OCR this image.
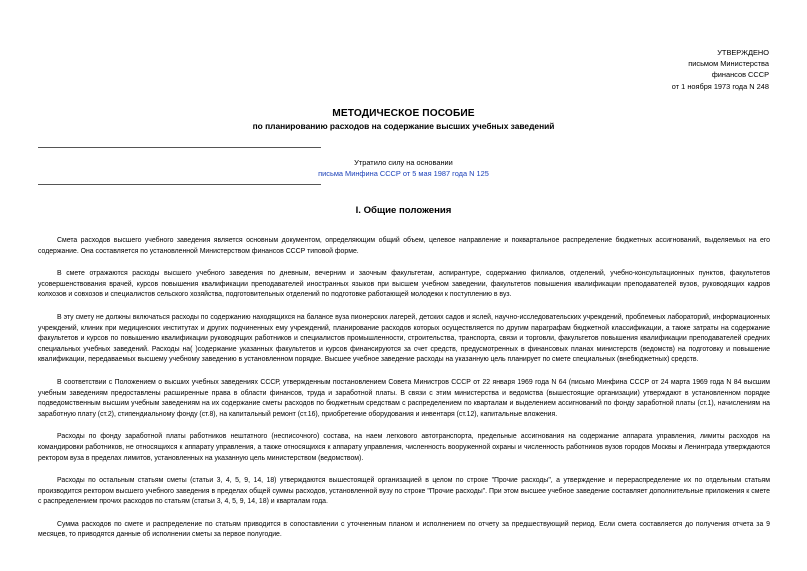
УТВЕРЖДЕНО
письмом Министерства
финансов СССР
от 1 ноября 1973 года N 248
МЕТОДИЧЕСКОЕ ПОСОБИЕ
по планированию расходов на содержание высших учебных заведений
Утратило силу на основании
письма Минфина СССР от 5 мая 1987 года N 125
I. Общие положения

Смета расходов высшего учебного заведения является основным документом, определяющим общий объем, целевое направление и поквартальное распределение бюджетных ассигнований, выделяемых на его содержание. Она составляется по установленной Министерством финансов СССР типовой форме.

В смете отражаются расходы высшего учебного заведения по дневным, вечерним и заочным факультетам, аспирантуре, содержанию филиалов, отделений, учебно-консультационных пунктов, факультетов усовершенствования врачей, курсов повышения квалификации преподавателей иностранных языков при высшем учебном заведении, факультетов повышения квалификации преподавателей вузов, руководящих кадров колхозов и совхозов и специалистов сельского хозяйства, подготовительных отделений по подготовке работающей молодежи к поступлению в вуз.

В эту смету не должны включаться расходы по содержанию находящихся на балансе вуза пионерских лагерей, детских садов и яслей, научно-исследовательских учреждений, проблемных лабораторий, информационных учреждений, клиник при медицинских институтах и других подчиненных ему учреждений, планирование расходов которых осуществляется по другим параграфам бюджетной классификации, а также затраты на содержание факультетов и курсов по повышению квалификации руководящих работников и специалистов промышленности, строительства, транспорта, связи и торговли, факультетов повышения квалификации преподавателей средних специальных учебных заведений. Расходы на( )содержание указанных факультетов и курсов финансируются за счет средств, предусмотренных в финансовых планах министерств (ведомств) на подготовку и повышение квалификации, передаваемых высшему учебному заведению в установленном порядке. Высшее учебное заведение расходы на указанную цель планирует по смете специальных (внебюджетных) средств.

В соответствии с Положением о высших учебных заведениях СССР, утвержденным постановлением Совета Министров СССР от 22 января 1969 года N 64 (письмо Минфина СССР от 24 марта 1969 года N 84 высшим учебным заведениям предоставлены расширенные права в области финансов, труда и заработной платы. В связи с этим министерства и ведомства (вышестоящие организации) утверждают в установленном порядке подведомственным высшим учебным заведениям на их содержание сметы расходов по бюджетным средствам с распределением по кварталам и выделением ассигнований по фонду заработной платы (ст.1), начислениям на заработную плату (ст.2), стипендиальному фонду (ст.8), на капитальный ремонт (ст.16), приобретение оборудования и инвентаря (ст.12), капитальные вложения.

Расходы по фонду заработной платы работников нештатного (несписочного) состава, на наем легкового автотранспорта, предельные ассигнования на содержание аппарата управления, лимиты расходов на командировки работников, не относящихся к аппарату управления, а также относящихся к аппарату управления, численность вооруженной охраны и численность работников вузов городов Москвы и Ленинграда утверждаются ректором вуза в пределах лимитов, установленных на указанную цель министерством (ведомством).

Расходы по остальным статьям сметы (статьи 3, 4, 5, 9, 14, 18) утверждаются вышестоящей организацией в целом по строке "Прочие расходы", а утверждение и перераспределение их по отдельным статьям производится ректором высшего учебного заведения в пределах общей суммы расходов, установленной вузу по строке "Прочие расходы". При этом высшее учебное заведение составляет дополнительные приложения к смете с распределением прочих расходов по статьям (статьи 3, 4, 5, 9, 14, 18) и кварталам года.

Сумма расходов по смете и распределение по статьям приводится в сопоставлении с уточненным планом и исполнением по отчету за предшествующий период. Если смета составляется до получения отчета за 9 месяцев, то приводятся данные об исполнении сметы за первое полугодие.
